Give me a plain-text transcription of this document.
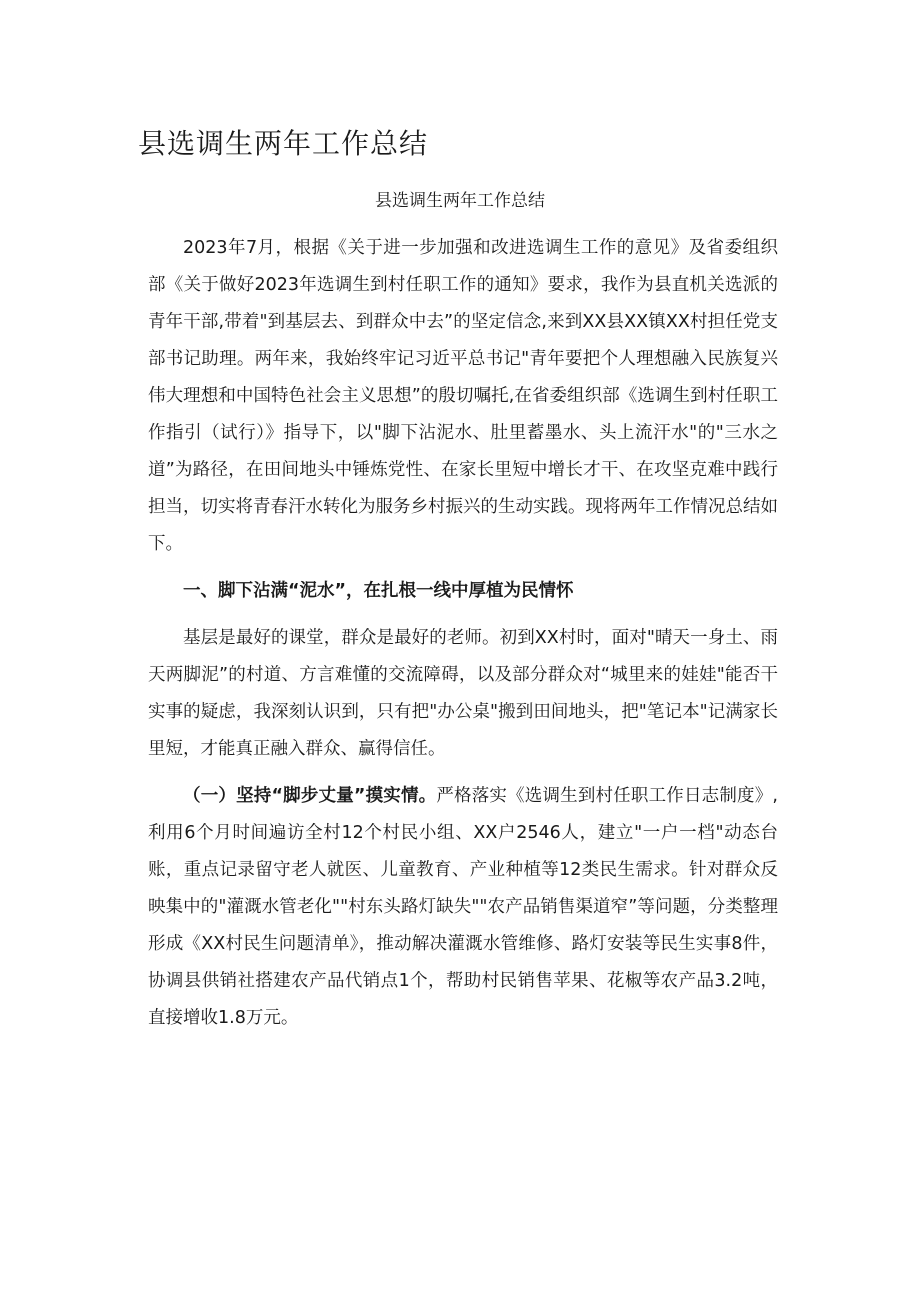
县选调生两年工作总结

县选调生两年工作总结

2023年7月，根据《关于进一步加强和改进选调生工作的意见》及省委组织部《关于做好2023年选调生到村任职工作的通知》要求，我作为县直机关选派的青年干部,带着"到基层去、到群众中去”的坚定信念,来到XX县XX镇XX村担任党支部书记助理。两年来，我始终牢记习近平总书记"青年要把个人理想融入民族复兴伟大理想和中国特色社会主义思想”的殷切嘱托,在省委组织部《选调生到村任职工作指引（试行）》指导下，以"脚下沾泥水、肚里蓄墨水、头上流汗水"的"三水之道”为路径，在田间地头中锤炼党性、在家长里短中增长才干、在攻坚克难中践行担当，切实将青春汗水转化为服务乡村振兴的生动实践。现将两年工作情况总结如下。

一、脚下沾满“泥水”，在扎根一线中厚植为民情怀

基层是最好的课堂，群众是最好的老师。初到XX村时，面对"晴天一身土、雨天两脚泥”的村道、方言难懂的交流障碍，以及部分群众对“城里来的娃娃"能否干实事的疑虑，我深刻认识到，只有把"办公桌"搬到田间地头，把"笔记本"记满家长里短，才能真正融入群众、赢得信任。

（一）坚持“脚步丈量”摸实情。严格落实《选调生到村任职工作日志制度》,利用6个月时间遍访全村12个村民小组、XX户2546人，建立"一户一档"动态台账，重点记录留守老人就医、儿童教育、产业种植等12类民生需求。针对群众反映集中的"灌溉水管老化""村东头路灯缺失""农产品销售渠道窄”等问题，分类整理形成《XX村民生问题清单》，推动解决灌溉水管维修、路灯安装等民生实事8件，协调县供销社搭建农产品代销点1个，帮助村民销售苹果、花椒等农产品3.2吨，直接增收1.8万元。
